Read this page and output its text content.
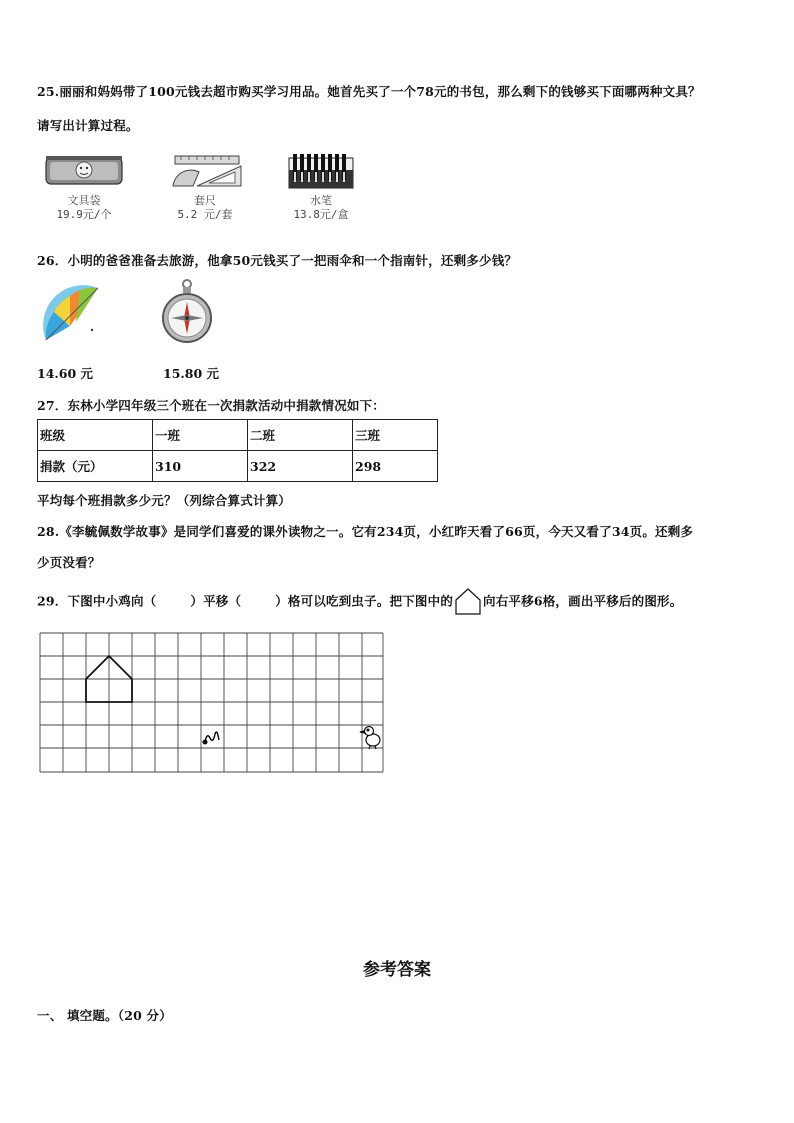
25.丽丽和妈妈带了100元钱去超市购买学习用品。她首先买了一个78元的书包，那么剩下的钱够买下面哪两种文具？
请写出计算过程。
文具袋
19.9元/个
套尺
5.2 元/套
水笔
13.8元/盒
26．小明的爸爸准备去旅游，他拿50元钱买了一把雨伞和一个指南针，还剩多少钱？
14.60 元	15.80 元
27．东林小学四年级三个班在一次捐款活动中捐款情况如下：
班级	一班	二班	三班
捐款（元）	310	322	298
平均每个班捐款多少元？（列综合算式计算）
28.《李毓佩数学故事》是同学们喜爱的课外读物之一。它有234页，小红昨天看了66页，今天又看了34页。还剩多
少页没看？
29．下图中小鸡向（	）平移（	）格可以吃到虫子。把下图中的 向右平移6格，画出平移后的图形。
参考答案
一、 填空题。（20 分）
